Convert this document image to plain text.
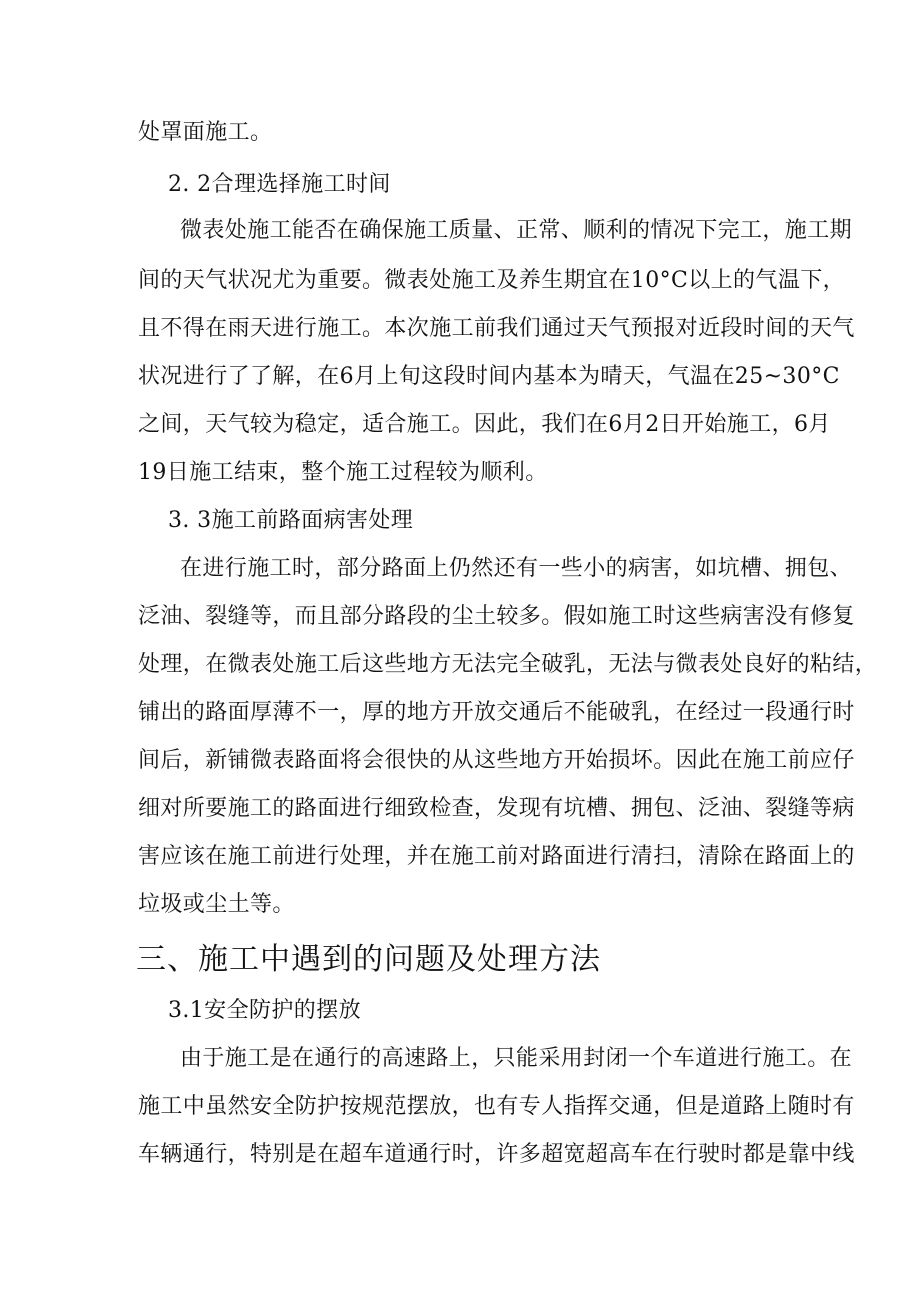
处罩面施工。
2. 2合理选择施工时间
微表处施工能否在确保施工质量、正常、顺利的情况下完工，施工期
间的天气状况尤为重要。微表处施工及养生期宜在10°C以上的气温下，
且不得在雨天进行施工。本次施工前我们通过天气预报对近段时间的天气
状况进行了了解，在6月上旬这段时间内基本为晴天，气温在25~30°C
之间，天气较为稳定，适合施工。因此，我们在6月2日开始施工，6月
19日施工结束，整个施工过程较为顺利。
3. 3施工前路面病害处理
在进行施工时，部分路面上仍然还有一些小的病害，如坑槽、拥包、
泛油、裂缝等，而且部分路段的尘土较多。假如施工时这些病害没有修复
处理，在微表处施工后这些地方无法完全破乳，无法与微表处良好的粘结，
铺出的路面厚薄不一，厚的地方开放交通后不能破乳，在经过一段通行时
间后，新铺微表路面将会很快的从这些地方开始损坏。因此在施工前应仔
细对所要施工的路面进行细致检查，发现有坑槽、拥包、泛油、裂缝等病
害应该在施工前进行处理，并在施工前对路面进行清扫，清除在路面上的
垃圾或尘土等。
三、施工中遇到的问题及处理方法
3.1安全防护的摆放
由于施工是在通行的高速路上，只能采用封闭一个车道进行施工。在
施工中虽然安全防护按规范摆放，也有专人指挥交通，但是道路上随时有
车辆通行，特别是在超车道通行时，许多超宽超高车在行驶时都是靠中线
